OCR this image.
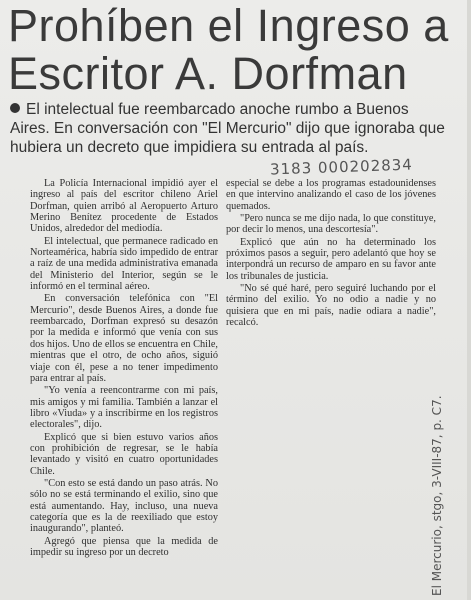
Prohíben el Ingreso a
Escritor A. Dorfman
El intelectual fue reembarcado anoche rumbo a Buenos Aires. En conversación con "El Mercurio" dijo que ignoraba que hubiera un decreto que impidiera su entrada al país.
3183 000202834

La Policía Internacional impidió ayer el ingreso al país del escritor chileno Ariel Dorfman, quien arribó al Aeropuerto Arturo Merino Benítez procedente de Estados Unidos, alrededor del mediodía.

El intelectual, que permanece radicado en Norteamérica, habría sido impedido de entrar a raíz de una medida administrativa emanada del Ministerio del Interior, según se le informó en el terminal aéreo.

En conversación telefónica con "El Mercurio", desde Buenos Aires, a donde fue reembarcado, Dorfman expresó su desazón por la medida e informó que venía con sus dos hijos. Uno de ellos se encuentra en Chile, mientras que el otro, de ocho años, siguió viaje con él, pese a no tener impedimento para entrar al país.

"Yo venía a reencontrarme con mi país, mis amigos y mi familia. También a lanzar el libro «Viuda» y a inscribirme en los registros electorales", dijo.

Explicó que si bien estuvo varios años con prohibición de regresar, se le había levantado y visitó en cuatro oportunidades Chile.

"Con esto se está dando un paso atrás. No sólo no se está terminando el exilio, sino que está aumentando. Hay, incluso, una nueva categoría que es la de reexiliado que estoy inaugurando", planteó.

Agregó que piensa que la medida de impedir su ingreso por un decreto

especial se debe a los programas estadounidenses en que intervino analizando el caso de los jóvenes quemados.

"Pero nunca se me dijo nada, lo que constituye, por decir lo menos, una descortesía".

Explicó que aún no ha determinado los próximos pasos a seguir, pero adelantó que hoy se interpondrá un recurso de amparo en su favor ante los tribunales de justicia.

"No sé qué haré, pero seguiré luchando por el término del exilio. Yo no odio a nadie y no quisiera que en mi país, nadie odiara a nadie", recalcó.

El Mercurio, stgo, 3-VIII-87, p. C7.
